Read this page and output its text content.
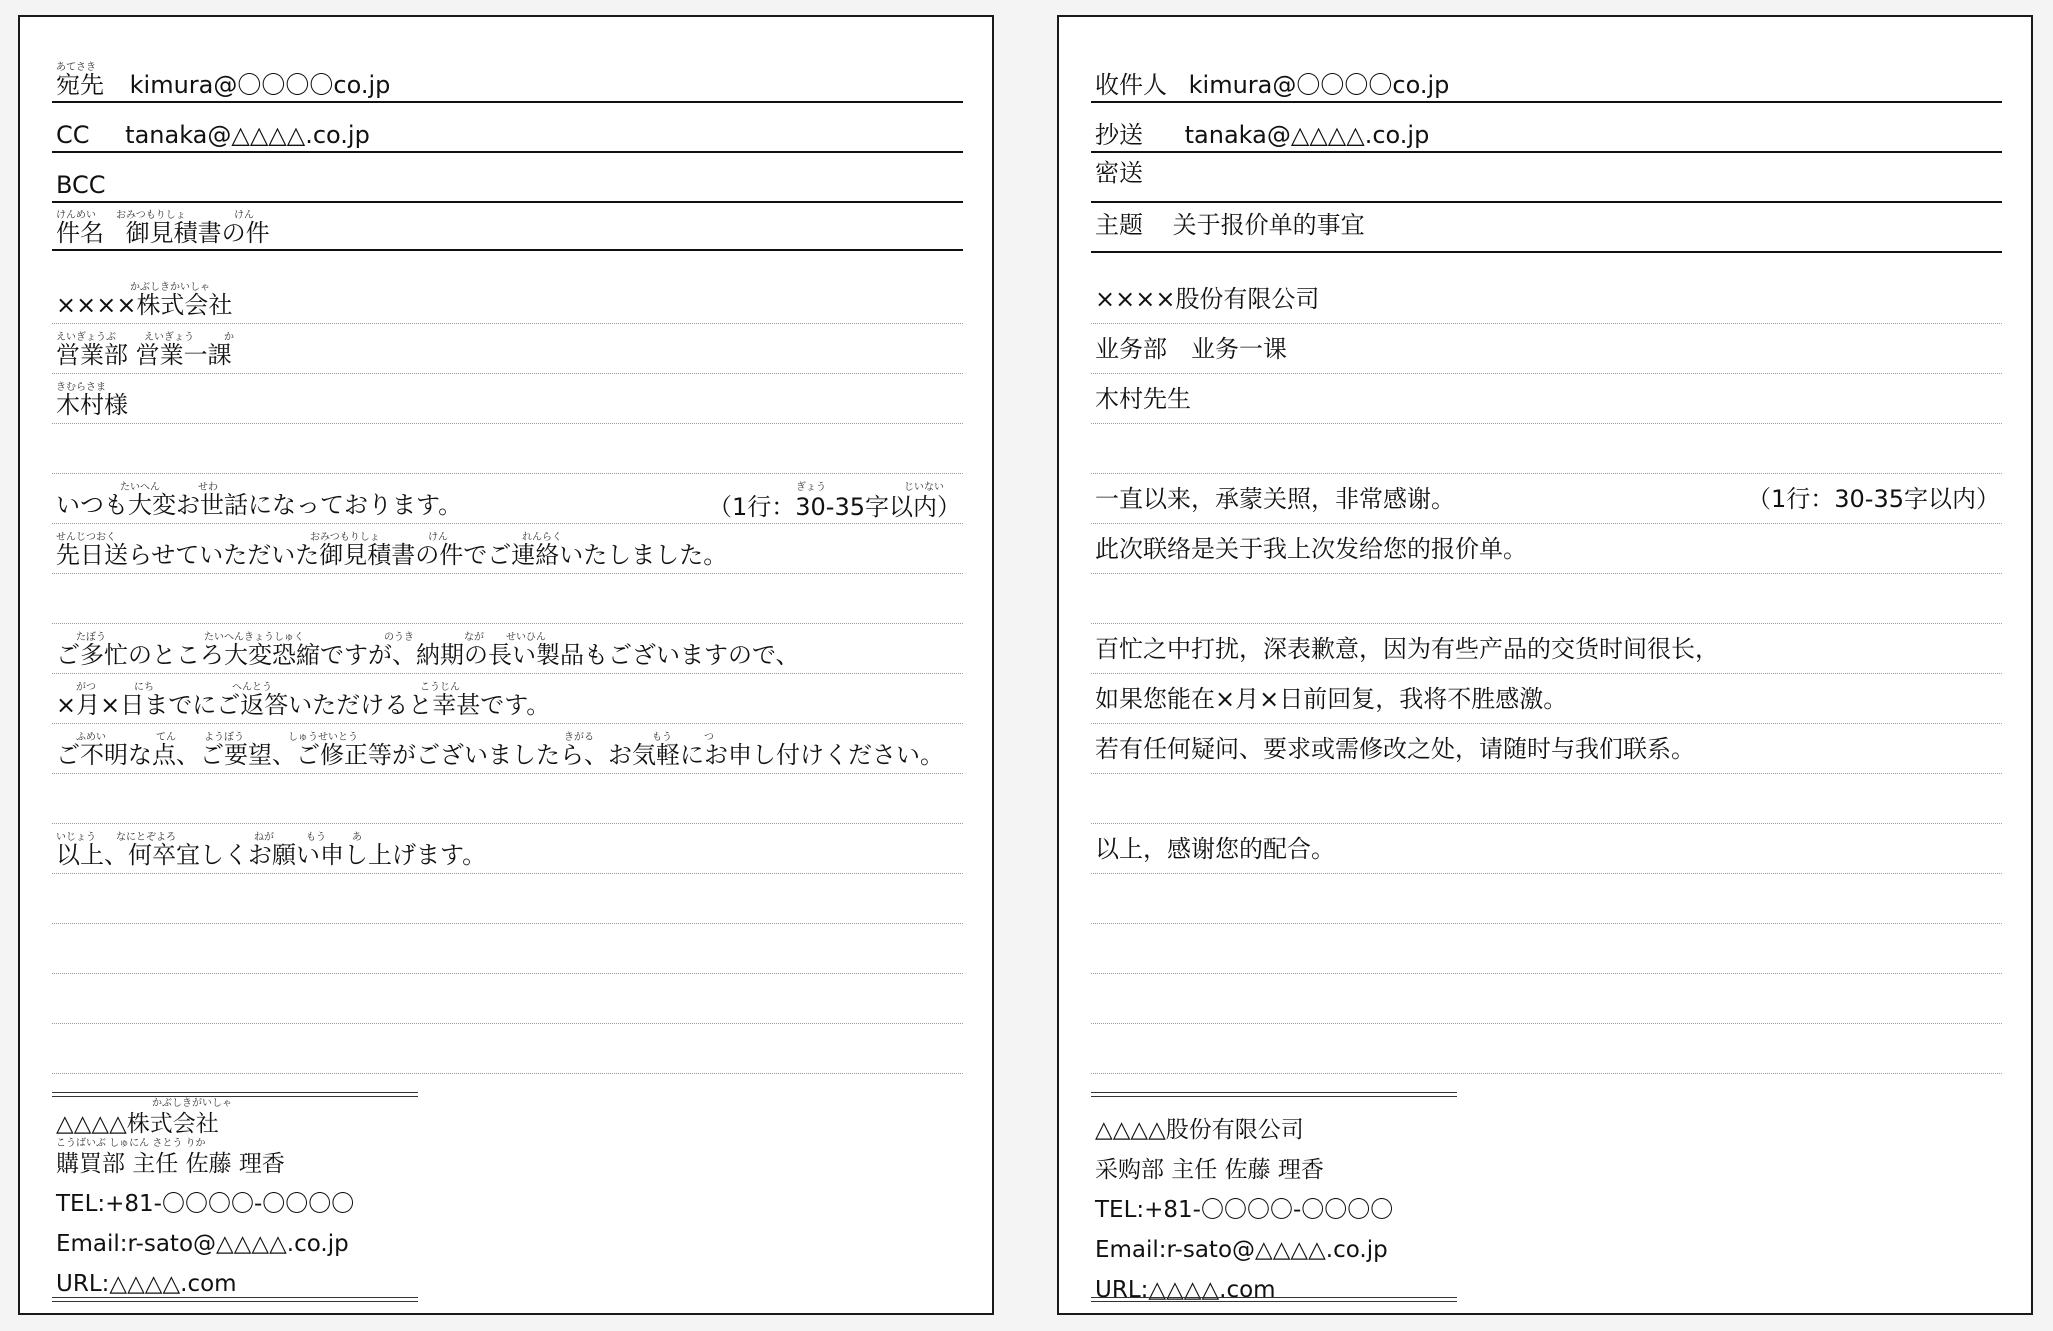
あてさき
宛先 kimura@〇〇〇〇co.jp
CC tanaka@△△△△.co.jp
BCC
けんめい おみつもりしょ	けん
件名 御見積書の件
かぶしきかいしゃ
××××株式会社
えいぎょうぶ	えいぎょう	か
営業部 営業一課
きむらさま
木村様
たいへん	せわ	ぎょう	じいない
いつも大変お世話になっております。	（1行：30-35字以内）
せんじつおく	おみつもりしょ	けん	れんらく
先日送らせていただいた御見積書の件でご連絡いたしました。
たぼう	たいへんきょうしゅく	のうき	なが せいひん
ご多忙のところ大変恐縮ですが、納期の長い製品もございますので、
がつ	にち	へんとう	こうじん
×月×日までにご返答いただけると幸甚です。
ふめい	てん	ようぼう	しゅうせいとう	きがる	もう	つ
ご不明な点、ご要望、ご修正等がございましたら、お気軽にお申し付けください。
いじょう なにとぞよろ	ねが	もう	あ
以上、何卒宜しくお願い申し上げます。
かぶしきがいしゃ
△△△△株式会社
こうばいぶ しゅにん さとう りか
購買部 主任 佐藤 理香
TEL:+81-〇〇〇〇-〇〇〇〇
Email:r-sato@△△△△.co.jp
URL:△△△△.com
收件人 kimura@〇〇〇〇co.jp
抄送 tanaka@△△△△.co.jp
密送
主题 关于报价单的事宜
××××股份有限公司
业务部　业务一课
木村先生
一直以来，承蒙关照，非常感谢。	（1行：30-35字以内）
此次联络是关于我上次发给您的报价单。
百忙之中打扰，深表歉意，因为有些产品的交货时间很长，
如果您能在×月×日前回复，我将不胜感激。
若有任何疑问、要求或需修改之处，请随时与我们联系。
以上，感谢您的配合。
△△△△股份有限公司
采购部 主任 佐藤 理香
TEL:+81-〇〇〇〇-〇〇〇〇
Email:r-sato@△△△△.co.jp
URL:△△△△.com
